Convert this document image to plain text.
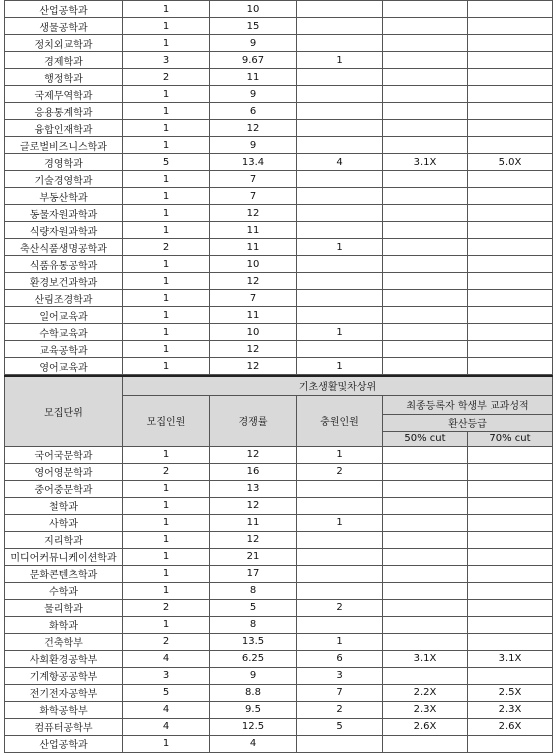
산업공학과	1	10			
생물공학과	1	15			
정치외교학과	1	9			
경제학과	3	9.67	1		
행정학과	2	11			
국제무역학과	1	9			
응용통계학과	1	6			
융합인재학과	1	12			
글로벌비즈니스학과	1	9			
경영학과	5	13.4	4	3.1X	5.0X
기술경영학과	1	7			
부동산학과	1	7			
동물자원과학과	1	12			
식량자원과학과	1	11			
축산식품생명공학과	2	11	1		
식품유통공학과	1	10			
환경보건과학과	1	12			
산림조경학과	1	7			
일어교육과	1	11			
수학교육과	1	10	1		
교육공학과	1	12			
영어교육과	1	12	1		
모집단위	기초생활및차상위				
	모집인원	경쟁률	충원인원	최종등록자 학생부 교과성적	
				환산등급	
				50% cut	70% cut
국어국문학과	1	12	1		
영어영문학과	2	16	2		
중어중문학과	1	13			
철학과	1	12			
사학과	1	11	1		
지리학과	1	12			
미디어커뮤니케이션학과	1	21			
문화콘텐츠학과	1	17			
수학과	1	8			
물리학과	2	5	2		
화학과	1	8			
건축학부	2	13.5	1		
사회환경공학부	4	6.25	6	3.1X	3.1X
기계항공공학부	3	9	3		
전기전자공학부	5	8.8	7	2.2X	2.5X
화학공학부	4	9.5	2	2.3X	2.3X
컴퓨터공학부	4	12.5	5	2.6X	2.6X
산업공학과	1	4			
